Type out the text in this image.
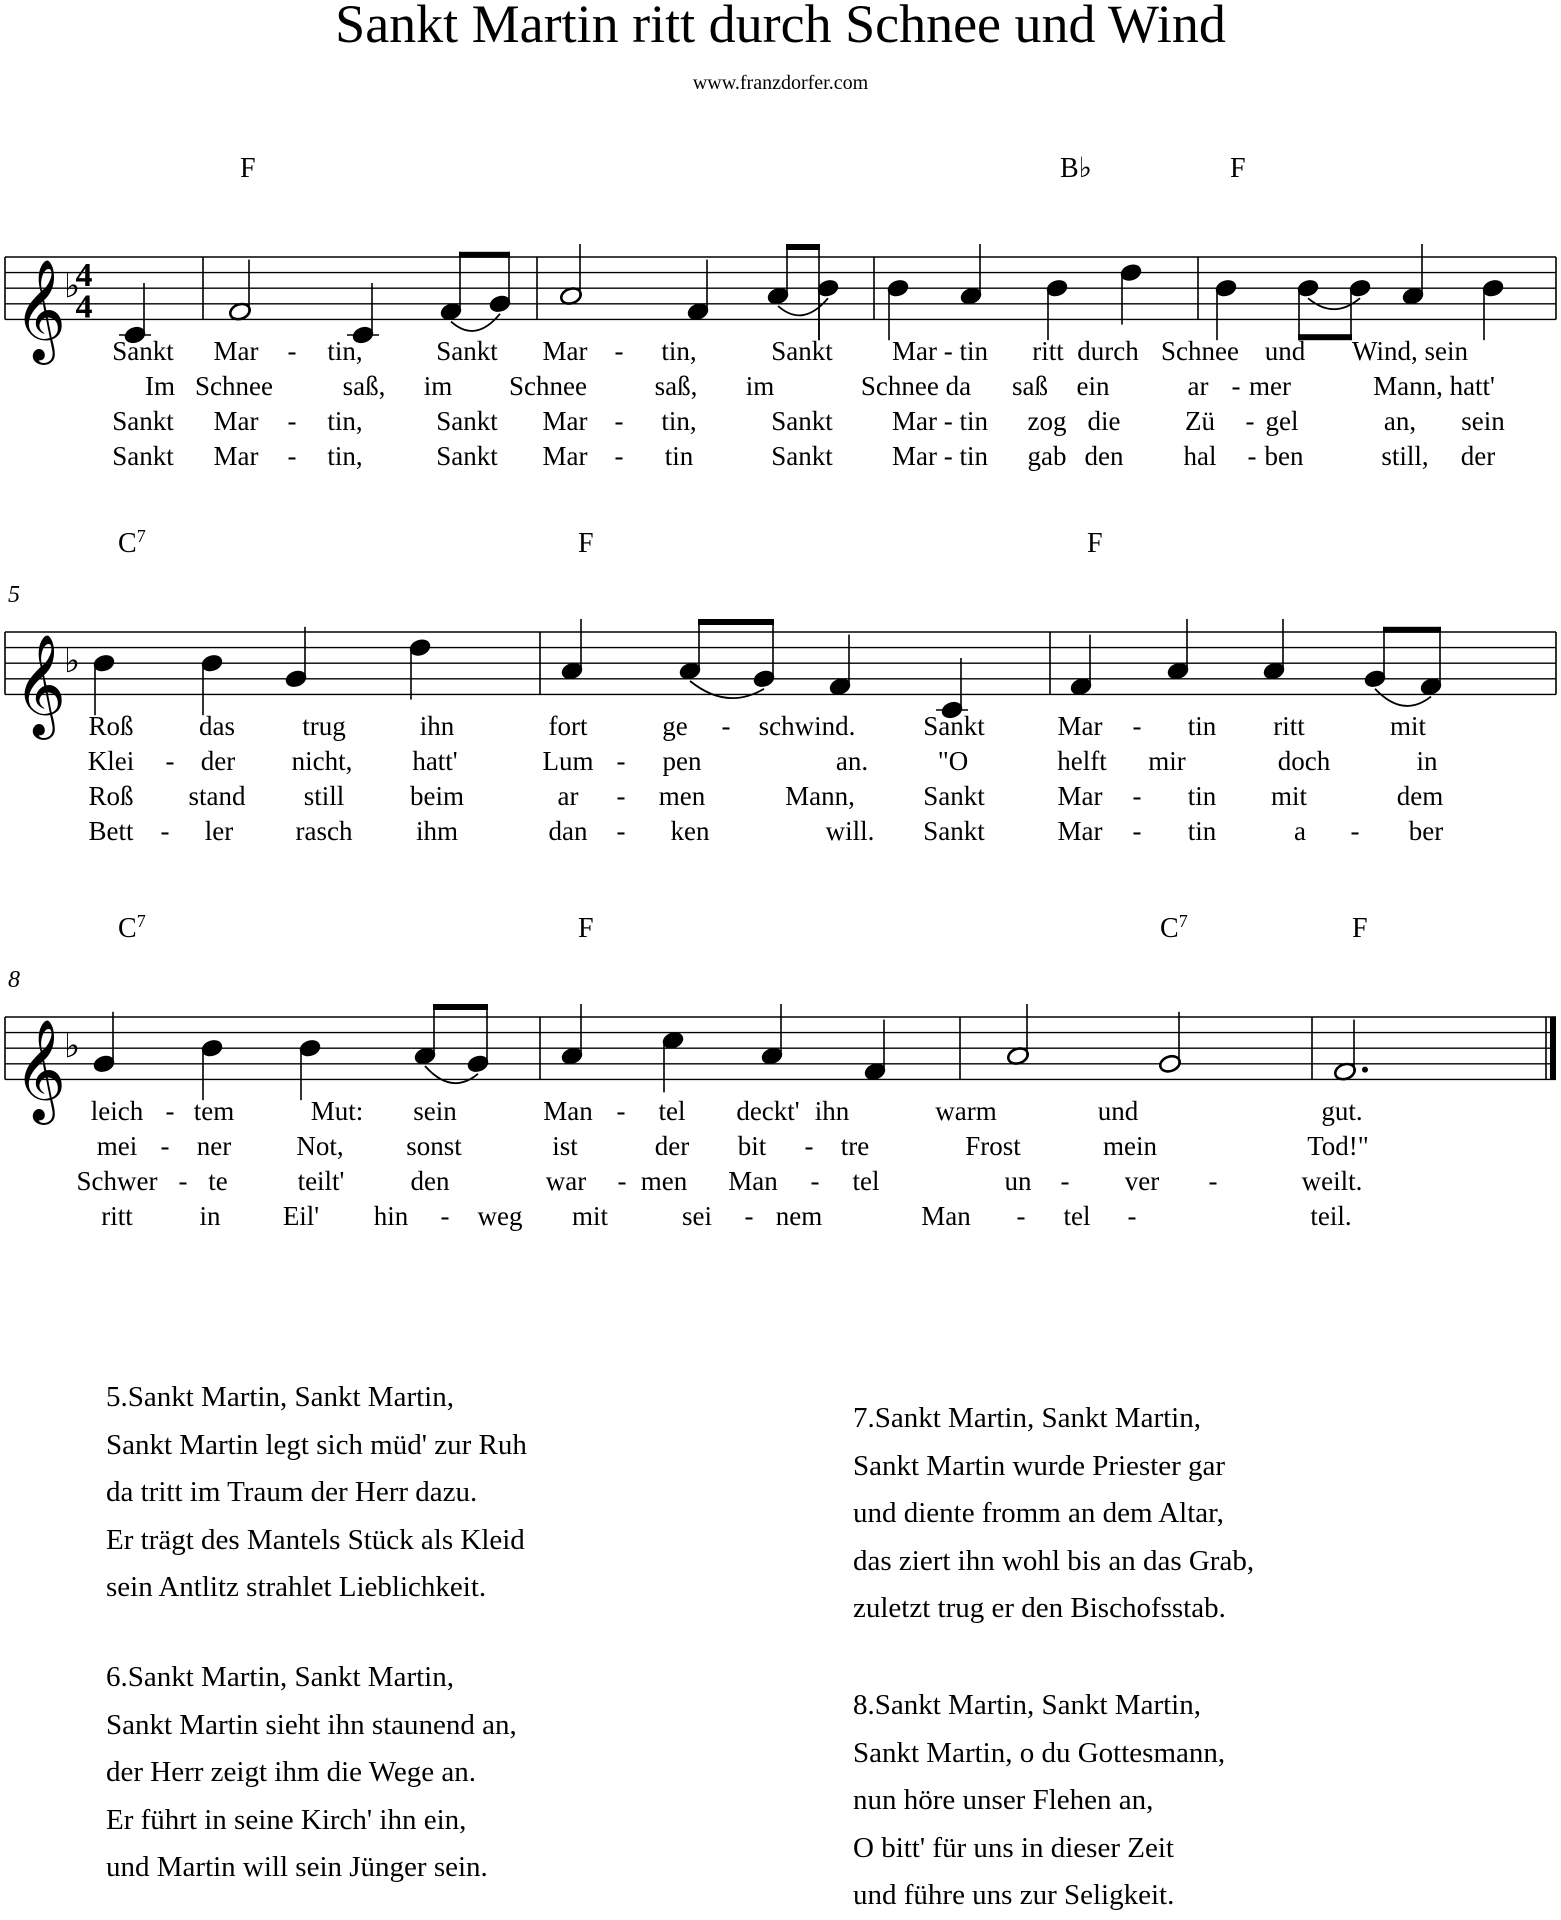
Sankt Martin ritt durch Schnee und Wind
www.franzdorfer.com
𝄞
♭
4
4
F	B♭	F
Sankt Mar - tin,	Sankt Mar - tin,	Sankt Mar - tin ritt durch Schnee und Wind, sein
Im Schnee	saß, im Schnee	saß, im	Schnee da saß ein	ar - mer	Mann, hatt'
Sankt Mar - tin,	Sankt Mar - tin,	Sankt Mar - tin zog die Zü - gel	an, sein
Sankt Mar - tin,	Sankt Mar - tin	Sankt Mar - tin gab den hal - ben	still, der
𝄞
♭
5
$C^7$	F	F
Roß das trug	ihn	fort	ge - schwind.	Sankt	Mar - tin ritt	mit
Klei - der nicht, hatt'	Lum - pen	an.	"O	helft mir	doch	in
Roß stand still beim	ar - men	Mann,	Sankt	Mar - tin mit	dem
Bett - ler rasch ihm	dan - ken	will. Sankt	Mar - tin	a - ber
𝄞
♭
8
$C^7$	F	$C^7$	F
leich - tem	Mut: sein	Man - tel deckt' ihn	warm	und	gut.
mei - ner Not, sonst	ist	der bit - tre	Frost	mein	Tod!"
Schwer - te	teilt' den	war - men Man - tel	un - ver -	weilt.
ritt in Eil' hin - weg mit	sei - nem	Man - tel -	teil.

5.Sankt Martin, Sankt Martin,

Sankt Martin legt sich müd' zur Ruh

da tritt im Traum der Herr dazu.

Er trägt des Mantels Stück als Kleid

sein Antlitz strahlet Lieblichkeit.

6.Sankt Martin, Sankt Martin,

Sankt Martin sieht ihn staunend an,

der Herr zeigt ihm die Wege an.

Er führt in seine Kirch' ihn ein,

und Martin will sein Jünger sein.

7.Sankt Martin, Sankt Martin,

Sankt Martin wurde Priester gar

und diente fromm an dem Altar,

das ziert ihn wohl bis an das Grab,

zuletzt trug er den Bischofsstab.

8.Sankt Martin, Sankt Martin,

Sankt Martin, o du Gottesmann,

nun höre unser Flehen an,

O bitt' für uns in dieser Zeit

und führe uns zur Seligkeit.
